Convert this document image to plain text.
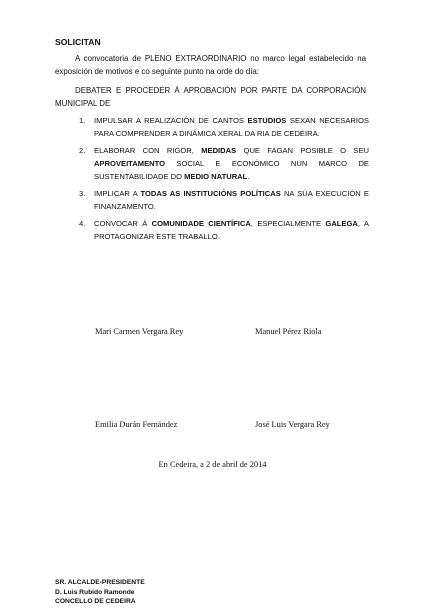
SOLICITAN
A convocatoria de PLENO EXTRAORDINARIO no marco legal estabelecido na exposición de motivos e co seguinte punto na orde do día:
DEBATER E PROCEDER Á APROBACIÓN POR PARTE DA CORPORACIÓN MUNICIPAL DE
1. IMPULSAR A REALIZACIÓN DE CANTOS ESTUDIOS SEXAN NECESARIOS PARA COMPRENDER A DINÁMICA XERAL DA RIA DE CEDEIRA.
2. ELABORAR CON RIGOR, MEDIDAS QUE FAGAN POSIBLE O SEU APROVEITAMENTO SOCIAL E ECONÓMICO NUN MARCO DE SUSTENTABILIDADE DO MEDIO NATURAL.
3. IMPLICAR A TODAS AS INSTITUCIÓNS POLÍTICAS NA SÚA EXECUCIÓN E FINANZAMENTO.
4. CONVOCAR Á COMUNIDADE CIENTÍFICA, ESPECIALMENTE GALEGA, A PROTAGONIZAR ESTE TRABALLO.
Mari Carmen Vergara Rey	Manuel Pérez Riola
Emilia Durán Fernández	José Luis Vergara Rey
En Cedeira, a 2 de abril de 2014
SR. ALCALDE-PRESIDENTE
D. Luis Rubido Ramonde
CONCELLO DE CEDEIRA
